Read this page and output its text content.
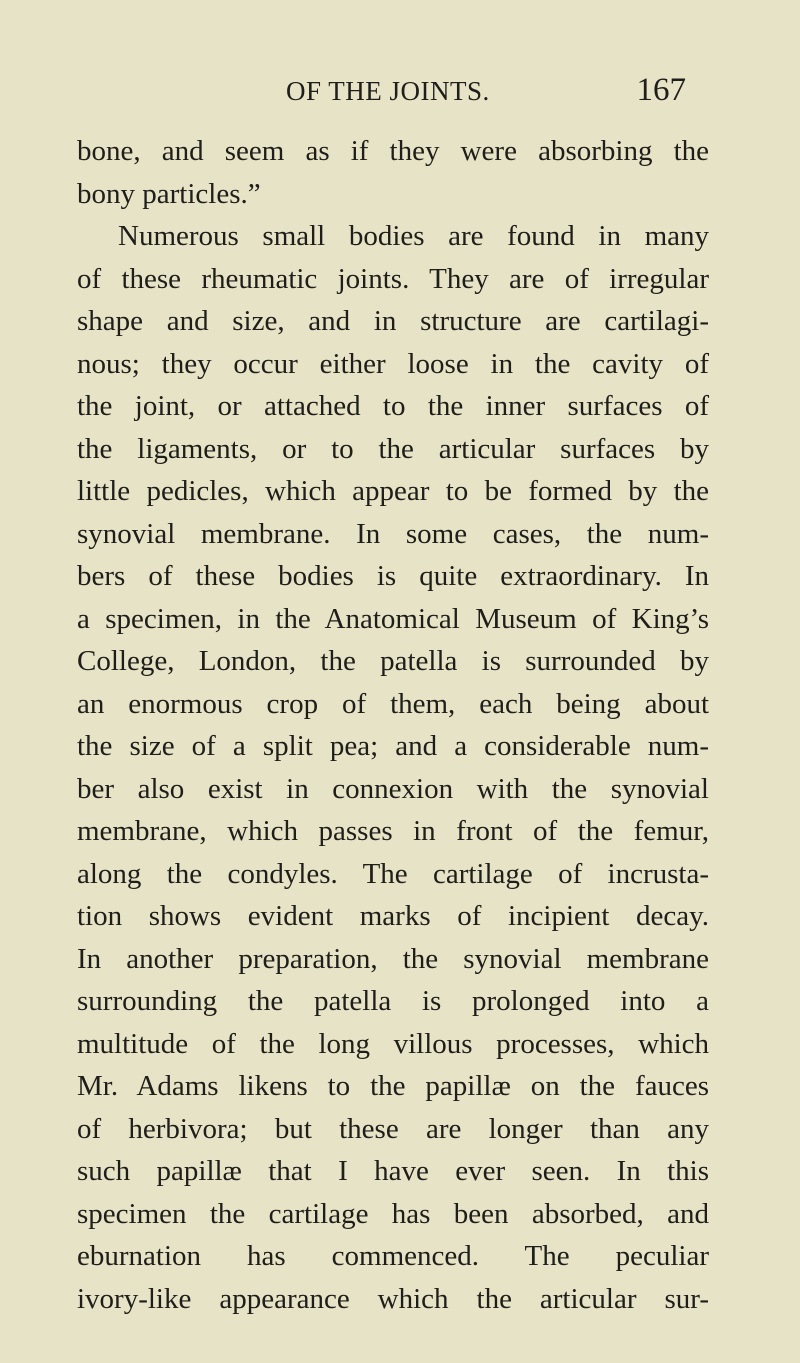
OF THE JOINTS.	167
bone, and seem as if they were absorbing the
bony particles.”
Numerous small bodies are found in many
of these rheumatic joints. They are of irregular
shape and size, and in structure are cartilagi-
nous; they occur either loose in the cavity of
the joint, or attached to the inner surfaces of
the ligaments, or to the articular surfaces by
little pedicles, which appear to be formed by the
synovial membrane. In some cases, the num-
bers of these bodies is quite extraordinary. In
a specimen, in the Anatomical Museum of King’s
College, London, the patella is surrounded by
an enormous crop of them, each being about
the size of a split pea; and a considerable num-
ber also exist in connexion with the synovial
membrane, which passes in front of the femur,
along the condyles. The cartilage of incrusta-
tion shows evident marks of incipient decay.
In another preparation, the synovial membrane
surrounding the patella is prolonged into a
multitude of the long villous processes, which
Mr. Adams likens to the papillæ on the fauces
of herbivora; but these are longer than any
such papillæ that I have ever seen. In this
specimen the cartilage has been absorbed, and
eburnation has commenced. The peculiar
ivory-like appearance which the articular sur-
